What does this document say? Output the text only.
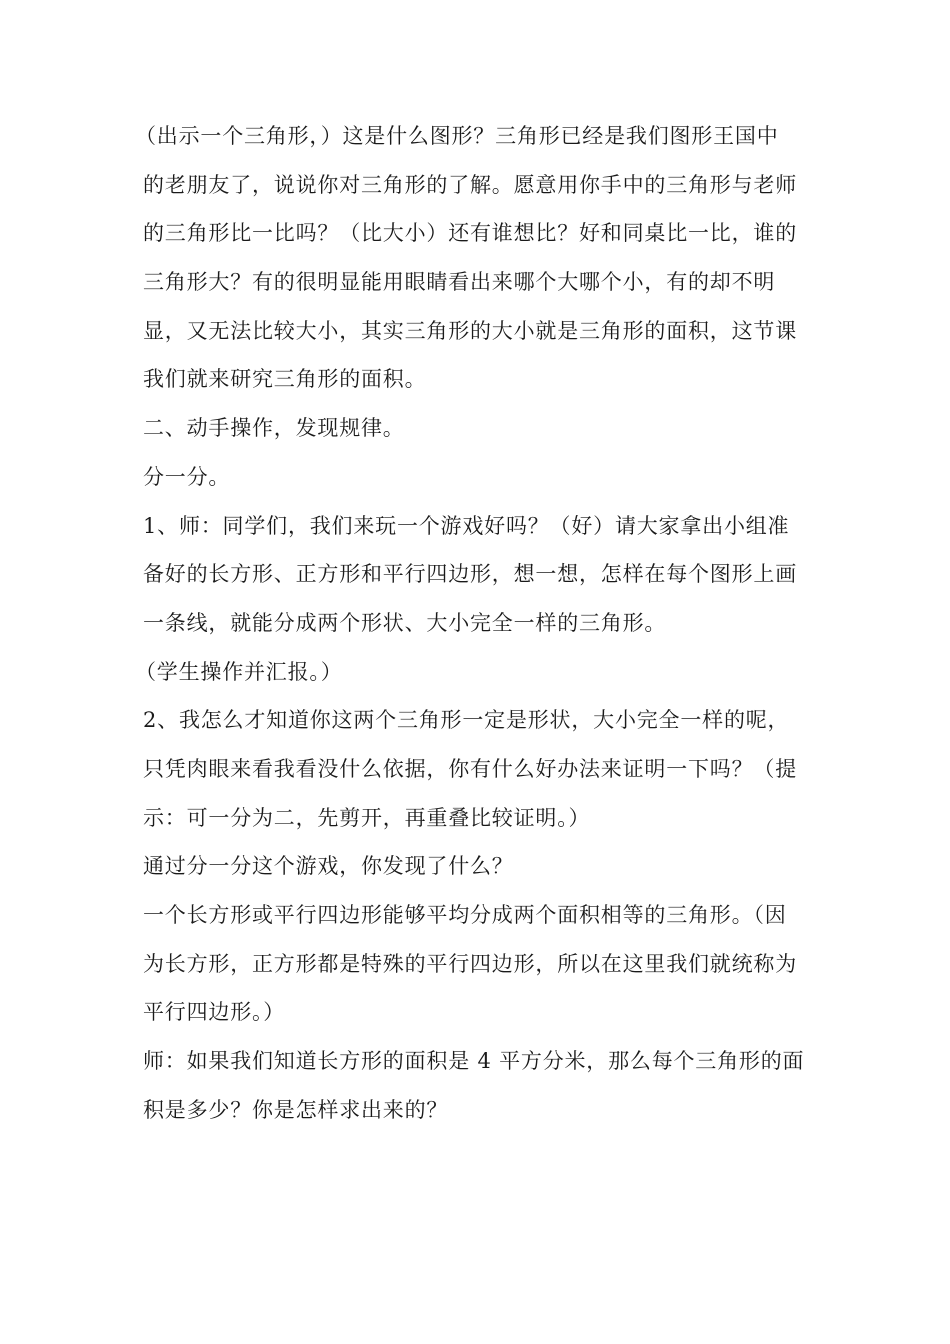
（出示一个三角形，）这是什么图形？三角形已经是我们图形王国中
的老朋友了，说说你对三角形的了解。愿意用你手中的三角形与老师
的三角形比一比吗？（比大小）还有谁想比？好和同桌比一比，谁的
三角形大？有的很明显能用眼睛看出来哪个大哪个小，有的却不明
显，又无法比较大小，其实三角形的大小就是三角形的面积，这节课
我们就来研究三角形的面积。
二、动手操作，发现规律。
分一分。
1、师：同学们，我们来玩一个游戏好吗？（好）请大家拿出小组准
备好的长方形、正方形和平行四边形，想一想，怎样在每个图形上画
一条线，就能分成两个形状、大小完全一样的三角形。
（学生操作并汇报。）
2、我怎么才知道你这两个三角形一定是形状，大小完全一样的呢，
只凭肉眼来看我看没什么依据，你有什么好办法来证明一下吗？（提
示：可一分为二，先剪开，再重叠比较证明。）
通过分一分这个游戏，你发现了什么？
一个长方形或平行四边形能够平均分成两个面积相等的三角形。（因
为长方形，正方形都是特殊的平行四边形，所以在这里我们就统称为
平行四边形。）
师：如果我们知道长方形的面积是 4 平方分米，那么每个三角形的面
积是多少？你是怎样求出来的？
